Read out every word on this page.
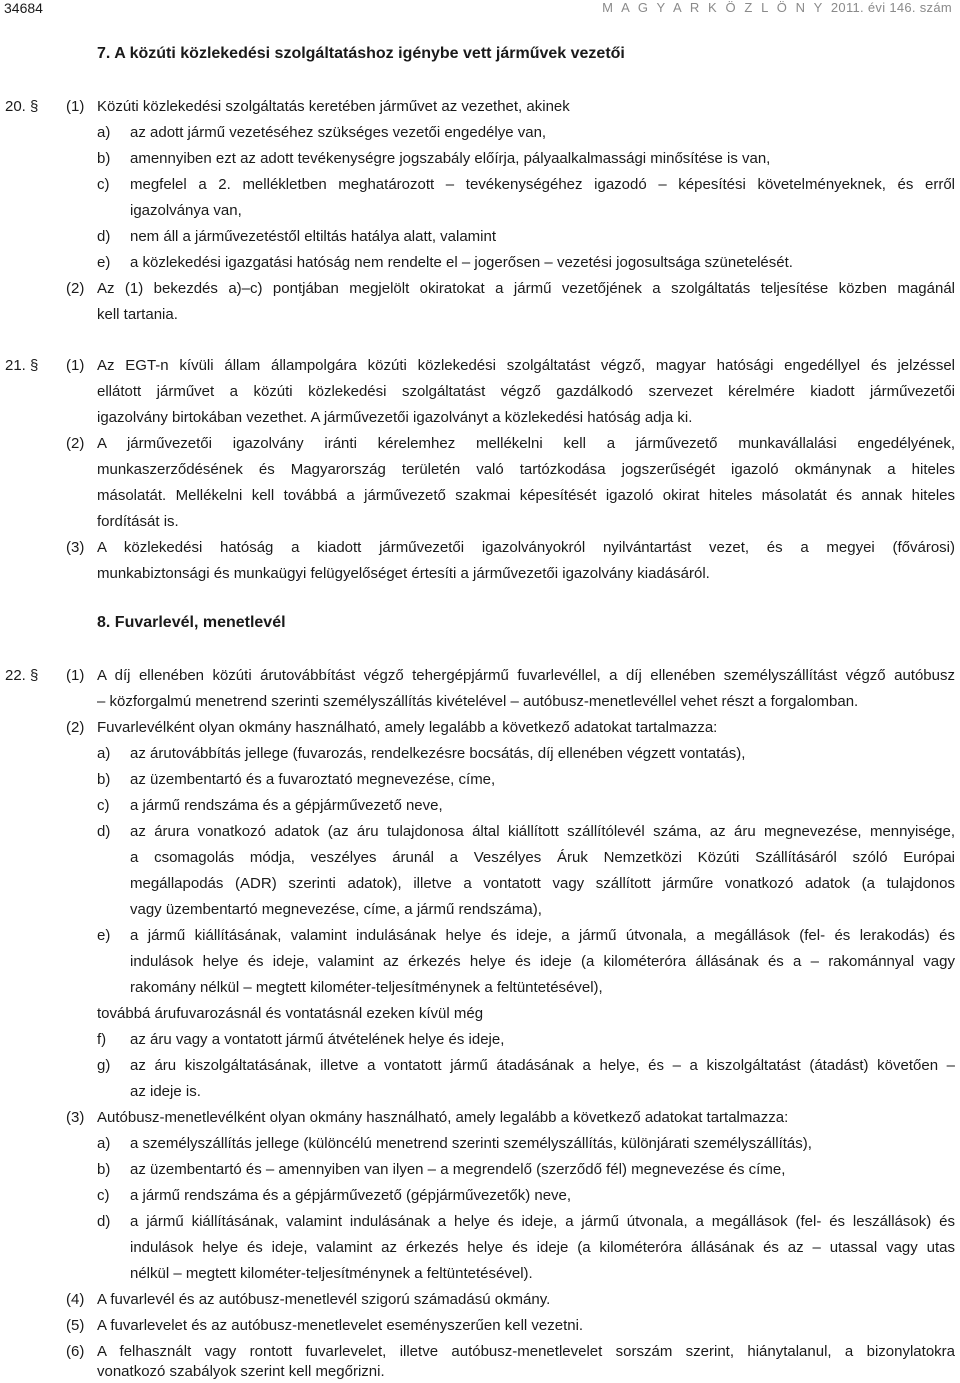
34684	M A G Y A R K Ö Z L Ö N Y 2011. évi 146. szám
7. A közúti közlekedési szolgáltatáshoz igénybe vett járművek vezetői
20. § (1) Közúti közlekedési szolgáltatás keretében járművet az vezethet, akinek
a) az adott jármű vezetéséhez szükséges vezetői engedélye van,
b) amennyiben ezt az adott tevékenységre jogszabály előírja, pályaalkalmassági minősítése is van,
c) megfelel a 2. mellékletben meghatározott – tevékenységéhez igazodó – képesítési követelményeknek, és erről
igazolványa van,
d) nem áll a járművezetéstől eltiltás hatálya alatt, valamint
e) a közlekedési igazgatási hatóság nem rendelte el – jogerősen – vezetési jogosultsága szünetelését.
(2) Az (1) bekezdés a)–c) pontjában megjelölt okiratokat a jármű vezetőjének a szolgáltatás teljesítése közben magánál
kell tartania.
21. § (1) Az EGT-n kívüli állam állampolgára közúti közlekedési szolgáltatást végző, magyar hatósági engedéllyel és jelzéssel
ellátott járművet a közúti közlekedési szolgáltatást végző gazdálkodó szervezet kérelmére kiadott járművezetői
igazolvány birtokában vezethet. A járművezetői igazolványt a közlekedési hatóság adja ki.
(2) A járművezetői igazolvány iránti kérelemhez mellékelni kell a járművezető munkavállalási engedélyének,
munkaszerződésének és Magyarország területén való tartózkodása jogszerűségét igazoló okmánynak a hiteles
másolatát. Mellékelni kell továbbá a járművezető szakmai képesítését igazoló okirat hiteles másolatát és annak hiteles
fordítását is.
(3) A közlekedési hatóság a kiadott járművezetői igazolványokról nyilvántartást vezet, és a megyei (fővárosi)
munkabiztonsági és munkaügyi felügyelőséget értesíti a járművezetői igazolvány kiadásáról.
8. Fuvarlevél, menetlevél
22. § (1) A díj ellenében közúti árutovábbítást végző tehergépjármű fuvarlevéllel, a díj ellenében személyszállítást végző autóbusz
– közforgalmú menetrend szerinti személyszállítás kivételével – autóbusz-menetlevéllel vehet részt a forgalomban.
(2) Fuvarlevélként olyan okmány használható, amely legalább a következő adatokat tartalmazza:
a) az árutovábbítás jellege (fuvarozás, rendelkezésre bocsátás, díj ellenében végzett vontatás),
b) az üzembentartó és a fuvaroztató megnevezése, címe,
c) a jármű rendszáma és a gépjárművezető neve,
d) az árura vonatkozó adatok (az áru tulajdonosa által kiállított szállítólevél száma, az áru megnevezése, mennyisége,
a csomagolás módja, veszélyes árunál a Veszélyes Áruk Nemzetközi Közúti Szállításáról szóló Európai
megállapodás (ADR) szerinti adatok), illetve a vontatott vagy szállított járműre vonatkozó adatok (a tulajdonos
vagy üzembentartó megnevezése, címe, a jármű rendszáma),
e) a jármű kiállításának, valamint indulásának helye és ideje, a jármű útvonala, a megállások (fel- és lerakodás) és
indulások helye és ideje, valamint az érkezés helye és ideje (a kilométeróra állásának és a – rakománnyal vagy
rakomány nélkül – megtett kilométer-teljesítménynek a feltüntetésével),
továbbá árufuvarozásnál és vontatásnál ezeken kívül még
f) az áru vagy a vontatott jármű átvételének helye és ideje,
g) az áru kiszolgáltatásának, illetve a vontatott jármű átadásának a helye, és – a kiszolgáltatást (átadást) követően –
az ideje is.
(3) Autóbusz-menetlevélként olyan okmány használható, amely legalább a következő adatokat tartalmazza:
a) a személyszállítás jellege (különcélú menetrend szerinti személyszállítás, különjárati személyszállítás),
b) az üzembentartó és – amennyiben van ilyen – a megrendelő (szerződő fél) megnevezése és címe,
c) a jármű rendszáma és a gépjárművezető (gépjárművezetők) neve,
d) a jármű kiállításának, valamint indulásának a helye és ideje, a jármű útvonala, a megállások (fel- és leszállások) és
indulások helye és ideje, valamint az érkezés helye és ideje (a kilométeróra állásának és az – utassal vagy utas
nélkül – megtett kilométer-teljesítménynek a feltüntetésével).
(4) A fuvarlevél és az autóbusz-menetlevél szigorú számadású okmány.
(5) A fuvarlevelet és az autóbusz-menetlevelet eseményszerűen kell vezetni.
(6) A felhasznált vagy rontott fuvarlevelet, illetve autóbusz-menetlevelet sorszám szerint, hiánytalanul, a bizonylatokra
vonatkozó szabályok szerint kell megőrizni.
